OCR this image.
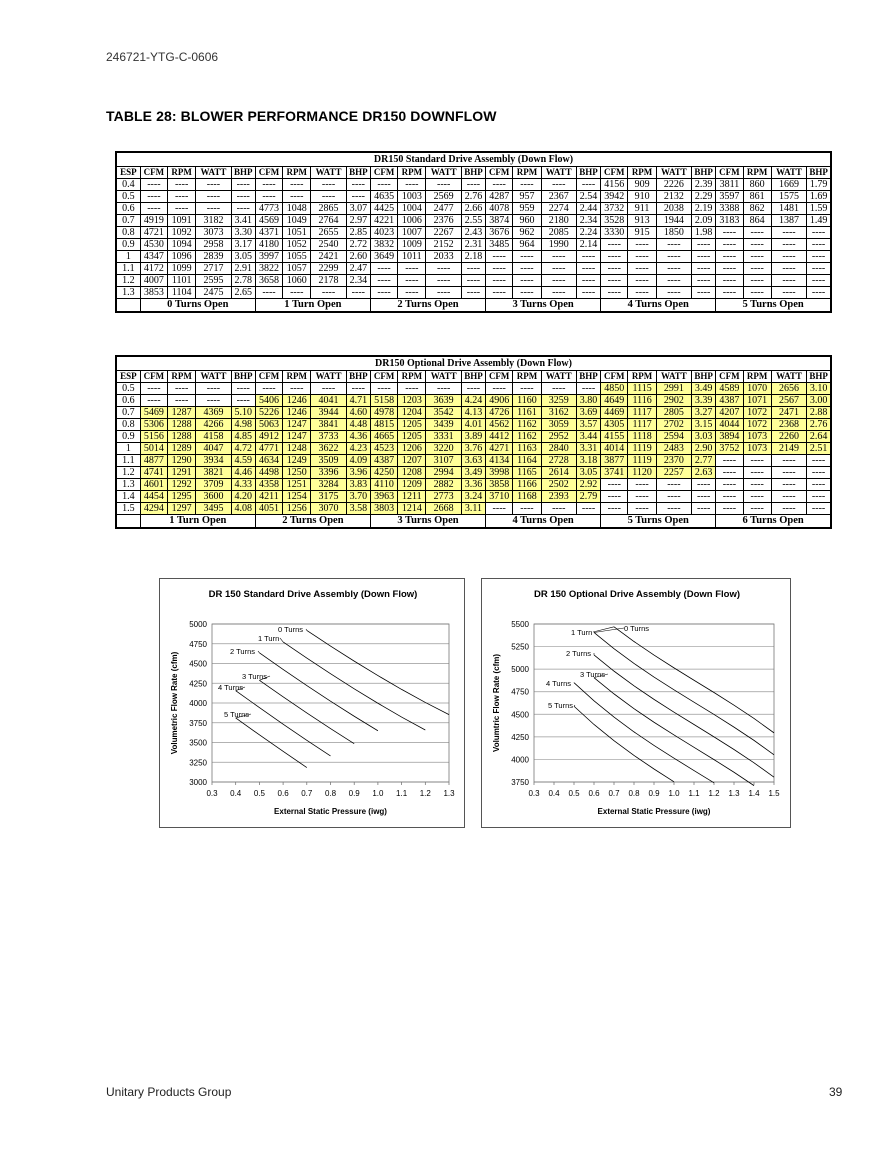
246721-YTG-C-0606
TABLE 28: BLOWER PERFORMANCE DR150 DOWNFLOW
DR150 Standard Drive Assembly (Down Flow)																								
ESP	CFM	RPM	WATT	BHP	CFM	RPM	WATT	BHP	CFM	RPM	WATT	BHP	CFM	RPM	WATT	BHP	CFM	RPM	WATT	BHP	CFM	RPM	WATT	BHP
0.4	----	----	----	----	----	----	----	----	----	----	----	----	----	----	----	----	4156	909	2226	2.39	3811	860	1669	1.79
0.5	----	----	----	----	----	----	----	----	4635	1003	2569	2.76	4287	957	2367	2.54	3942	910	2132	2.29	3597	861	1575	1.69
0.6	----	----	----	----	4773	1048	2865	3.07	4425	1004	2477	2.66	4078	959	2274	2.44	3732	911	2038	2.19	3388	862	1481	1.59
0.7	4919	1091	3182	3.41	4569	1049	2764	2.97	4221	1006	2376	2.55	3874	960	2180	2.34	3528	913	1944	2.09	3183	864	1387	1.49
0.8	4721	1092	3073	3.30	4371	1051	2655	2.85	4023	1007	2267	2.43	3676	962	2085	2.24	3330	915	1850	1.98	----	----	----	----
0.9	4530	1094	2958	3.17	4180	1052	2540	2.72	3832	1009	2152	2.31	3485	964	1990	2.14	----	----	----	----	----	----	----	----
1	4347	1096	2839	3.05	3997	1055	2421	2.60	3649	1011	2033	2.18	----	----	----	----	----	----	----	----	----	----	----	----
1.1	4172	1099	2717	2.91	3822	1057	2299	2.47	----	----	----	----	----	----	----	----	----	----	----	----	----	----	----	----
1.2	4007	1101	2595	2.78	3658	1060	2178	2.34	----	----	----	----	----	----	----	----	----	----	----	----	----	----	----	----
1.3	3853	1104	2475	2.65	----	----	----	----	----	----	----	----	----	----	----	----	----	----	----	----	----	----	----	----
	0 Turns Open				1 Turn Open				2 Turns Open				3 Turns Open				4 Turns Open				5 Turns Open			
DR150 Optional Drive Assembly (Down Flow)																								
ESP	CFM	RPM	WATT	BHP	CFM	RPM	WATT	BHP	CFM	RPM	WATT	BHP	CFM	RPM	WATT	BHP	CFM	RPM	WATT	BHP	CFM	RPM	WATT	BHP
0.5	----	----	----	----	----	----	----	----	----	----	----	----	----	----	----	----	4850	1115	2991	3.49	4589	1070	2656	3.10
0.6	----	----	----	----	5406	1246	4041	4.71	5158	1203	3639	4.24	4906	1160	3259	3.80	4649	1116	2902	3.39	4387	1071	2567	3.00
0.7	5469	1287	4369	5.10	5226	1246	3944	4.60	4978	1204	3542	4.13	4726	1161	3162	3.69	4469	1117	2805	3.27	4207	1072	2471	2.88
0.8	5306	1288	4266	4.98	5063	1247	3841	4.48	4815	1205	3439	4.01	4562	1162	3059	3.57	4305	1117	2702	3.15	4044	1072	2368	2.76
0.9	5156	1288	4158	4.85	4912	1247	3733	4.36	4665	1205	3331	3.89	4412	1162	2952	3.44	4155	1118	2594	3.03	3894	1073	2260	2.64
1	5014	1289	4047	4.72	4771	1248	3622	4.23	4523	1206	3220	3.76	4271	1163	2840	3.31	4014	1119	2483	2.90	3752	1073	2149	2.51
1.1	4877	1290	3934	4.59	4634	1249	3509	4.09	4387	1207	3107	3.63	4134	1164	2728	3.18	3877	1119	2370	2.77	----	----	----	----
1.2	4741	1291	3821	4.46	4498	1250	3396	3.96	4250	1208	2994	3.49	3998	1165	2614	3.05	3741	1120	2257	2.63	----	----	----	----
1.3	4601	1292	3709	4.33	4358	1251	3284	3.83	4110	1209	2882	3.36	3858	1166	2502	2.92	----	----	----	----	----	----	----	----
1.4	4454	1295	3600	4.20	4211	1254	3175	3.70	3963	1211	2773	3.24	3710	1168	2393	2.79	----	----	----	----	----	----	----	----
1.5	4294	1297	3495	4.08	4051	1256	3070	3.58	3803	1214	2668	3.11	----	----	----	----	----	----	----	----	----	----	----	----
	1 Turn Open				2 Turns Open				3 Turns Open				4 Turns Open				5 Turns Open				6 Turns Open			
DR 150 Standard Drive Assembly (Down Flow)
3000
3250
3500
3750
4000
4250
4500
4750
5000
0.3 0.4 0.5 0.6 0.7 0.8 0.9 1.0 1.1 1.2 1.3
External Static Pressure (iwg)
Volumetric Flow Rate (cfm)
0 Turns
1 Turn
2 Turns
3 Turns
4 Turns
5 Turns
DR 150 Optional Drive Assembly (Down Flow)
3750
4000
4250
4500
4750
5000
5250
5500
0.3 0.4 0.5 0.6 0.7 0.8 0.9 1.0 1.1 1.2 1.3 1.4 1.5
External Static Pressure (iwg)
Volumtric Flow Rate (cfm)
1 Turn	0 Turns
2 Turns
3 Turns
4 Turns
5 Turns
Unitary Products Group	39
